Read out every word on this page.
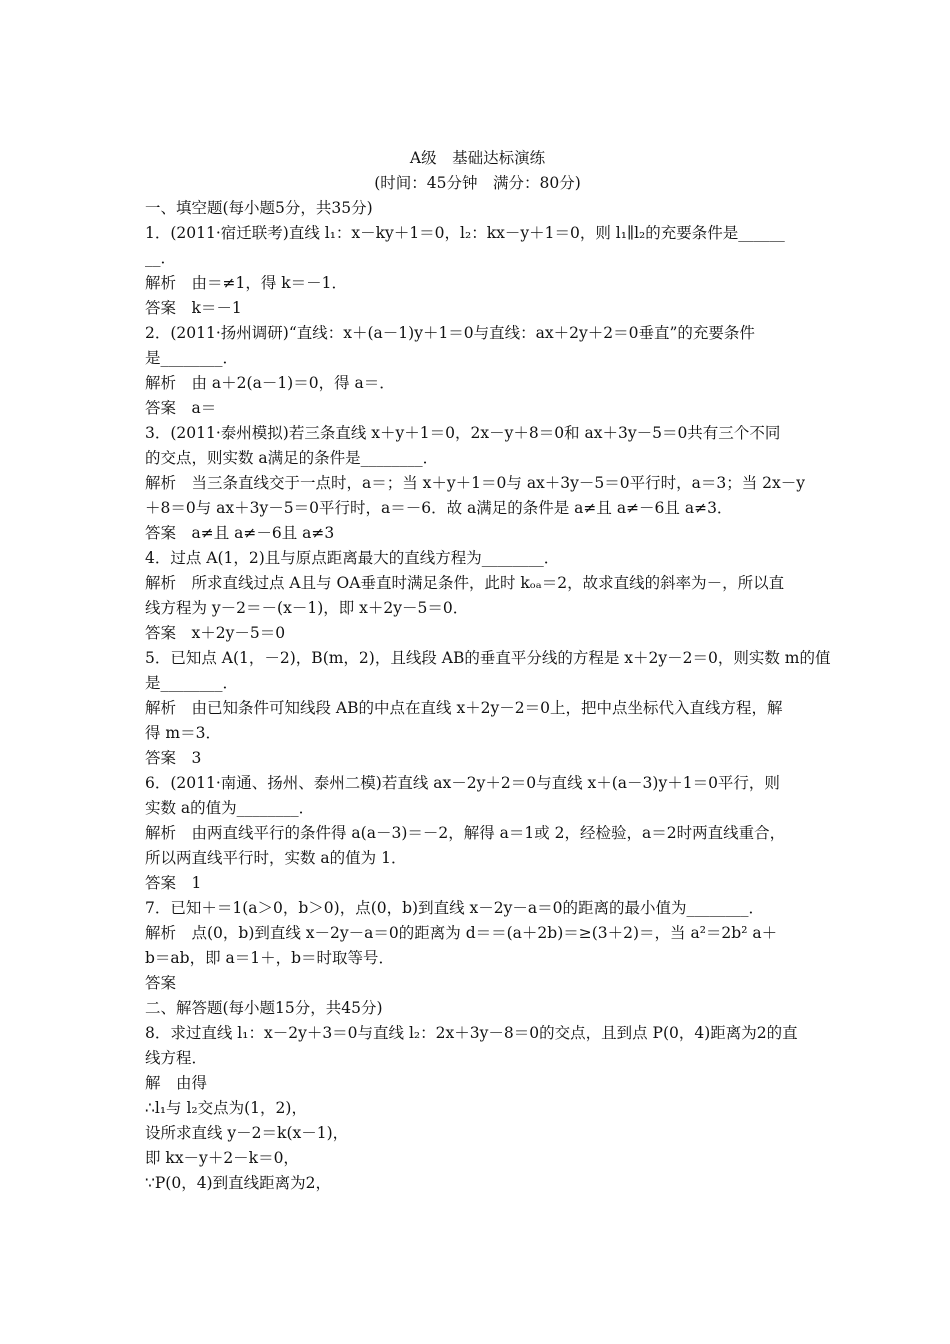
A级　基础达标演练
(时间：45分钟　满分：80分)
一、填空题(每小题5分，共35分)
1．(2011·宿迁联考)直线 l₁：x－ky＋1＝0，l₂：kx－y＋1＝0，则 l₁∥l₂的充要条件是______
__．
解析　由＝≠1，得 k＝－1．
答案　k＝－1
2．(2011·扬州调研)“直线：x＋(a－1)y＋1＝0与直线：ax＋2y＋2＝0垂直”的充要条件
是________．
解析　由 a＋2(a－1)＝0，得 a＝．
答案　a＝
3．(2011·泰州模拟)若三条直线 x＋y＋1＝0，2x－y＋8＝0和 ax＋3y－5＝0共有三个不同
的交点，则实数 a满足的条件是________．
解析　当三条直线交于一点时，a＝；当 x＋y＋1＝0与 ax＋3y－5＝0平行时，a＝3；当 2x－y
＋8＝0与 ax＋3y－5＝0平行时，a＝－6．故 a满足的条件是 a≠且 a≠－6且 a≠3．
答案　a≠且 a≠－6且 a≠3
4．过点 A(1，2)且与原点距离最大的直线方程为________．
解析　所求直线过点 A且与 OA垂直时满足条件，此时 kₒₐ＝2，故求直线的斜率为－，所以直
线方程为 y－2＝－(x－1)，即 x＋2y－5＝0．
答案　x＋2y－5＝0
5．已知点 A(1，－2)，B(m，2)，且线段 AB的垂直平分线的方程是 x＋2y－2＝0，则实数 m的值
是________．
解析　由已知条件可知线段 AB的中点在直线 x＋2y－2＝0上，把中点坐标代入直线方程，解
得 m＝3．
答案　3
6．(2011·南通、扬州、泰州二模)若直线 ax－2y＋2＝0与直线 x＋(a－3)y＋1＝0平行，则
实数 a的值为________．
解析　由两直线平行的条件得 a(a－3)＝－2，解得 a＝1或 2，经检验，a＝2时两直线重合，
所以两直线平行时，实数 a的值为 1．
答案　1
7．已知＋＝1(a＞0，b＞0)，点(0，b)到直线 x－2y－a＝0的距离的最小值为________．
解析　点(0，b)到直线 x－2y－a＝0的距离为 d＝＝(a＋2b)＝≥(3＋2)＝，当 a²＝2b² a＋
b＝ab，即 a＝1＋，b＝时取等号．
答案
二、解答题(每小题15分，共45分)
8．求过直线 l₁：x－2y＋3＝0与直线 l₂：2x＋3y－8＝0的交点，且到点 P(0，4)距离为2的直
线方程．
解　由得
∴l₁与 l₂交点为(1，2)，
设所求直线 y－2＝k(x－1)，
即 kx－y＋2－k＝0，
∵P(0，4)到直线距离为2，
